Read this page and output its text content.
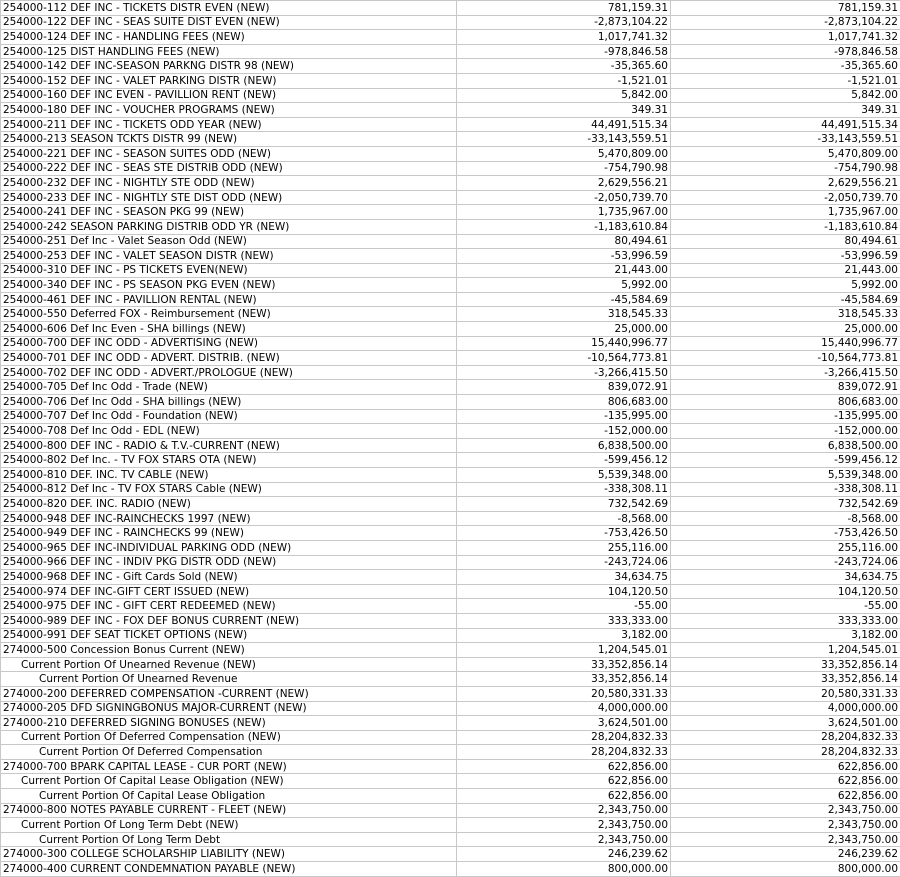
254000-112 DEF INC - TICKETS DISTR EVEN (NEW)	781,159.31	781,159.31
254000-122 DEF INC - SEAS SUITE DIST EVEN (NEW)	-2,873,104.22	-2,873,104.22
254000-124 DEF INC - HANDLING FEES (NEW)	1,017,741.32	1,017,741.32
254000-125 DIST HANDLING FEES (NEW)	-978,846.58	-978,846.58
254000-142 DEF INC-SEASON PARKNG DISTR 98 (NEW)	-35,365.60	-35,365.60
254000-152 DEF INC - VALET PARKING DISTR (NEW)	-1,521.01	-1,521.01
254000-160 DEF INC EVEN - PAVILLION RENT (NEW)	5,842.00	5,842.00
254000-180 DEF INC - VOUCHER PROGRAMS (NEW)	349.31	349.31
254000-211 DEF INC - TICKETS ODD YEAR (NEW)	44,491,515.34	44,491,515.34
254000-213 SEASON TCKTS DISTR 99 (NEW)	-33,143,559.51	-33,143,559.51
254000-221 DEF INC - SEASON SUITES ODD (NEW)	5,470,809.00	5,470,809.00
254000-222 DEF INC - SEAS STE DISTRIB ODD (NEW)	-754,790.98	-754,790.98
254000-232 DEF INC - NIGHTLY STE ODD (NEW)	2,629,556.21	2,629,556.21
254000-233 DEF INC - NIGHTLY STE DIST ODD (NEW)	-2,050,739.70	-2,050,739.70
254000-241 DEF INC - SEASON PKG 99 (NEW)	1,735,967.00	1,735,967.00
254000-242 SEASON PARKING DISTRIB ODD YR (NEW)	-1,183,610.84	-1,183,610.84
254000-251 Def Inc - Valet Season Odd (NEW)	80,494.61	80,494.61
254000-253 DEF INC - VALET SEASON DISTR (NEW)	-53,996.59	-53,996.59
254000-310 DEF INC - PS TICKETS EVEN(NEW)	21,443.00	21,443.00
254000-340 DEF INC - PS SEASON PKG EVEN (NEW)	5,992.00	5,992.00
254000-461 DEF INC - PAVILLION RENTAL (NEW)	-45,584.69	-45,584.69
254000-550 Deferred FOX - Reimbursement (NEW)	318,545.33	318,545.33
254000-606 Def Inc Even - SHA billings (NEW)	25,000.00	25,000.00
254000-700 DEF INC ODD - ADVERTISING (NEW)	15,440,996.77	15,440,996.77
254000-701 DEF INC ODD - ADVERT. DISTRIB. (NEW)	-10,564,773.81	-10,564,773.81
254000-702 DEF INC ODD - ADVERT./PROLOGUE (NEW)	-3,266,415.50	-3,266,415.50
254000-705 Def Inc Odd - Trade (NEW)	839,072.91	839,072.91
254000-706 Def Inc Odd - SHA billings (NEW)	806,683.00	806,683.00
254000-707 Def Inc Odd - Foundation (NEW)	-135,995.00	-135,995.00
254000-708 Def Inc Odd - EDL (NEW)	-152,000.00	-152,000.00
254000-800 DEF INC - RADIO & T.V.-CURRENT (NEW)	6,838,500.00	6,838,500.00
254000-802 Def Inc. - TV FOX STARS OTA (NEW)	-599,456.12	-599,456.12
254000-810 DEF. INC. TV CABLE (NEW)	5,539,348.00	5,539,348.00
254000-812 Def Inc - TV FOX STARS Cable (NEW)	-338,308.11	-338,308.11
254000-820 DEF. INC. RADIO (NEW)	732,542.69	732,542.69
254000-948 DEF INC-RAINCHECKS 1997 (NEW)	-8,568.00	-8,568.00
254000-949 DEF INC - RAINCHECKS 99 (NEW)	-753,426.50	-753,426.50
254000-965 DEF INC-INDIVIDUAL PARKING ODD (NEW)	255,116.00	255,116.00
254000-966 DEF INC - INDIV PKG DISTR ODD (NEW)	-243,724.06	-243,724.06
254000-968 DEF INC - Gift Cards Sold (NEW)	34,634.75	34,634.75
254000-974 DEF INC-GIFT CERT ISSUED (NEW)	104,120.50	104,120.50
254000-975 DEF INC - GIFT CERT REDEEMED (NEW)	-55.00	-55.00
254000-989 DEF INC - FOX DEF BONUS CURRENT (NEW)	333,333.00	333,333.00
254000-991 DEF SEAT TICKET OPTIONS (NEW)	3,182.00	3,182.00
274000-500 Concession Bonus Current (NEW)	1,204,545.01	1,204,545.01
Current Portion Of Unearned Revenue (NEW)	33,352,856.14	33,352,856.14
Current Portion Of Unearned Revenue	33,352,856.14	33,352,856.14
274000-200 DEFERRED COMPENSATION -CURRENT (NEW)	20,580,331.33	20,580,331.33
274000-205 DFD SIGNINGBONUS MAJOR-CURRENT (NEW)	4,000,000.00	4,000,000.00
274000-210 DEFERRED SIGNING BONUSES (NEW)	3,624,501.00	3,624,501.00
Current Portion Of Deferred Compensation (NEW)	28,204,832.33	28,204,832.33
Current Portion Of Deferred Compensation	28,204,832.33	28,204,832.33
274000-700 BPARK CAPITAL LEASE - CUR PORT (NEW)	622,856.00	622,856.00
Current Portion Of Capital Lease Obligation (NEW)	622,856.00	622,856.00
Current Portion Of Capital Lease Obligation	622,856.00	622,856.00
274000-800 NOTES PAYABLE CURRENT - FLEET (NEW)	2,343,750.00	2,343,750.00
Current Portion Of Long Term Debt (NEW)	2,343,750.00	2,343,750.00
Current Portion Of Long Term Debt	2,343,750.00	2,343,750.00
274000-300 COLLEGE SCHOLARSHIP LIABILITY (NEW)	246,239.62	246,239.62
274000-400 CURRENT CONDEMNATION PAYABLE (NEW)	800,000.00	800,000.00
